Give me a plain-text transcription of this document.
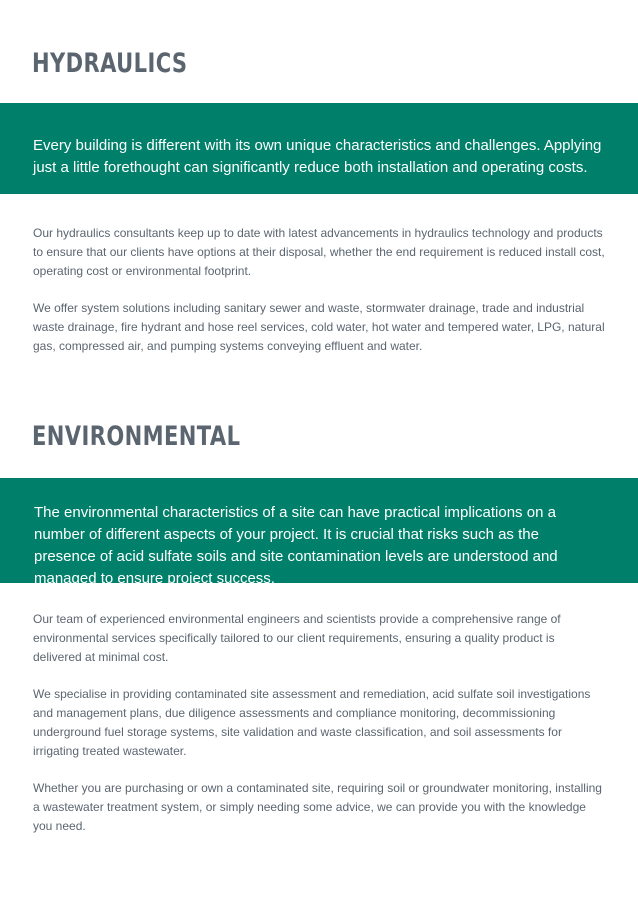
HYDRAULICS

Every building is different with its own unique characteristics and challenges. Applying just a little forethought can significantly reduce both installation and operating costs.

Our hydraulics consultants keep up to date with latest advancements in hydraulics technology and products to ensure that our clients have options at their disposal, whether the end requirement is reduced install cost, operating cost or environmental footprint.

We offer system solutions including sanitary sewer and waste, stormwater drainage, trade and industrial waste drainage, fire hydrant and hose reel services, cold water, hot water and tempered water, LPG, natural gas, compressed air, and pumping systems conveying effluent and water.

ENVIRONMENTAL

The environmental characteristics of a site can have practical implications on a number of different aspects of your project. It is crucial that risks such as the presence of acid sulfate soils and site contamination levels are understood and managed to ensure project success.

Our team of experienced environmental engineers and scientists provide a comprehensive range of environmental services specifically tailored to our client requirements, ensuring a quality product is delivered at minimal cost.

We specialise in providing contaminated site assessment and remediation, acid sulfate soil investigations and management plans, due diligence assessments and compliance monitoring, decommissioning underground fuel storage systems, site validation and waste classification, and soil assessments for irrigating treated wastewater.

Whether you are purchasing or own a contaminated site, requiring soil or groundwater monitoring, installing a wastewater treatment system, or simply needing some advice, we can provide you with the knowledge you need.
